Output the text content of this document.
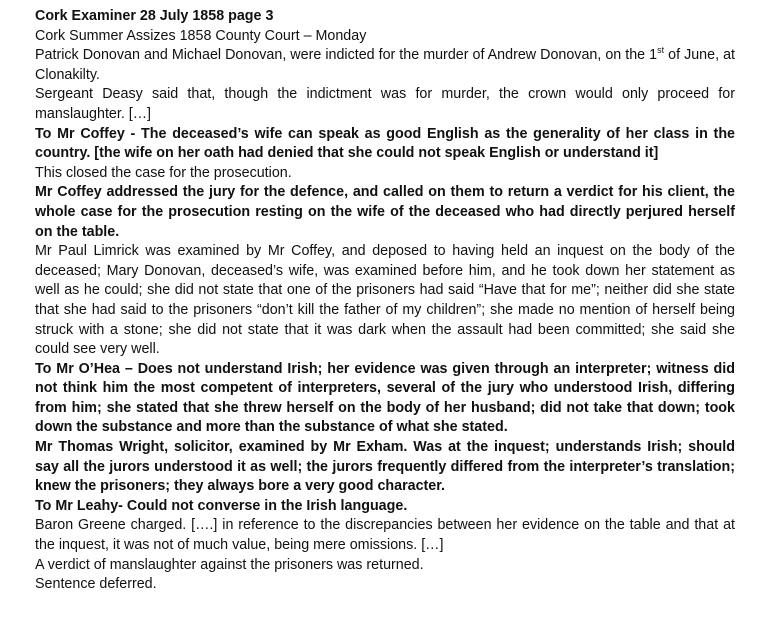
Cork Examiner 28 July 1858 page 3

Cork Summer Assizes 1858 County Court – Monday

Patrick Donovan and Michael Donovan, were indicted for the murder of Andrew Donovan, on the 1st of June, at Clonakilty.

Sergeant Deasy said that, though the indictment was for murder, the crown would only proceed for manslaughter. […]

To Mr Coffey - The deceased’s wife can speak as good English as the generality of her class in the country. [the wife on her oath had denied that she could not speak English or understand it]

This closed the case for the prosecution.

Mr Coffey addressed the jury for the defence, and called on them to return a verdict for his client, the whole case for the prosecution resting on the wife of the deceased who had directly perjured herself on the table.

Mr Paul Limrick was examined by Mr Coffey, and deposed to having held an inquest on the body of the deceased; Mary Donovan, deceased’s wife, was examined before him, and he took down her statement as well as he could; she did not state that one of the prisoners had said “Have that for me”; neither did she state that she had said to the prisoners “don’t kill the father of my children”; she made no mention of herself being struck with a stone; she did not state that it was dark when the assault had been committed; she said she could see very well.

To Mr O’Hea – Does not understand Irish; her evidence was given through an interpreter; witness did not think him the most competent of interpreters, several of the jury who understood Irish, differing from him; she stated that she threw herself on the body of her husband; did not take that down; took down the substance and more than the substance of what she stated.

Mr Thomas Wright, solicitor, examined by Mr Exham. Was at the inquest; understands Irish; should say all the jurors understood it as well; the jurors frequently differed from the interpreter’s translation; knew the prisoners; they always bore a very good character.

To Mr Leahy- Could not converse in the Irish language.

Baron Greene charged. [….] in reference to the discrepancies between her evidence on the table and that at the inquest, it was not of much value, being mere omissions. […]

A verdict of manslaughter against the prisoners was returned.

Sentence deferred.
